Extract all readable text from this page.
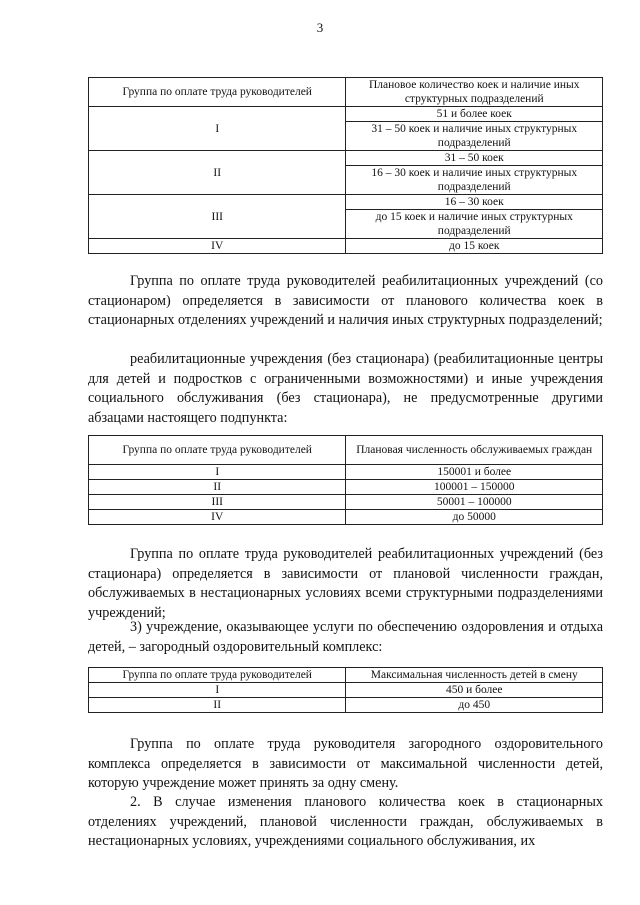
3
Группа по оплате труда руководителей	Плановое количество коек и наличие иных структурных подразделений
I	51 и более коек
	31 – 50 коек и наличие иных структурных подразделений
II	31 – 50 коек
	16 – 30 коек и наличие иных структурных подразделений
III	16 – 30 коек
	до 15 коек и наличие иных структурных подразделений
IV	до 15 коек

Группа по оплате труда руководителей реабилитационных учреждений (со стационаром) определяется в зависимости от планового количества коек в стационарных отделениях учреждений и наличия иных структурных подразделений;

реабилитационные учреждения (без стационара) (реабилитационные центры для детей и подростков с ограниченными возможностями) и иные учреждения социального обслуживания (без стационара), не предусмотренные другими абзацами настоящего подпункта:

Группа по оплате труда руководителей	Плановая численность обслуживаемых граждан
I	150001 и более
II	100001 – 150000
III	50001 – 100000
IV	до 50000

Группа по оплате труда руководителей реабилитационных учреждений (без стационара) определяется в зависимости от плановой численности граждан, обслуживаемых в нестационарных условиях всеми структурными подразделениями учреждений;

3) учреждение, оказывающее услуги по обеспечению оздоровления и отдыха детей, – загородный оздоровительный комплекс:

Группа по оплате труда руководителей	Максимальная численность детей в смену
I	450 и более
II	до 450

Группа по оплате труда руководителя загородного оздоровительного комплекса определяется в зависимости от максимальной численности детей, которую учреждение может принять за одну смену.

2. В случае изменения планового количества коек в стационарных отделениях учреждений, плановой численности граждан, обслуживаемых в нестационарных условиях, учреждениями социального обслуживания, их
